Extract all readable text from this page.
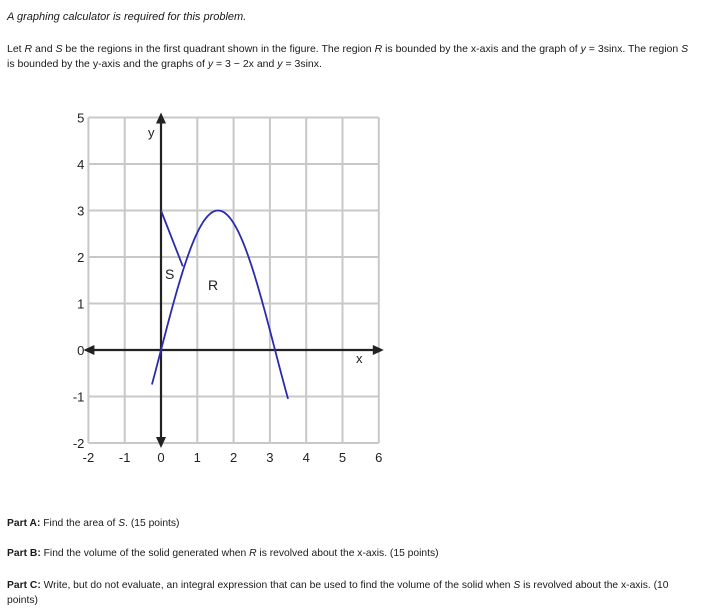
A graphing calculator is required for this problem.
Let R and S be the regions in the first quadrant shown in the figure. The region R is bounded by the x-axis and the graph of y = 3sinx. The region S is bounded by the y-axis and the graphs of y = 3 − 2x and y = 3sinx.
-2 -1 0 1 2 3 4 5 6
5
4
3
2
1
0
-1
-2
x
y
S
R
Part A: Find the area of S. (15 points)
Part B: Find the volume of the solid generated when R is revolved about the x-axis. (15 points)
Part C: Write, but do not evaluate, an integral expression that can be used to find the volume of the solid when S is revolved about the x-axis. (10 points)
